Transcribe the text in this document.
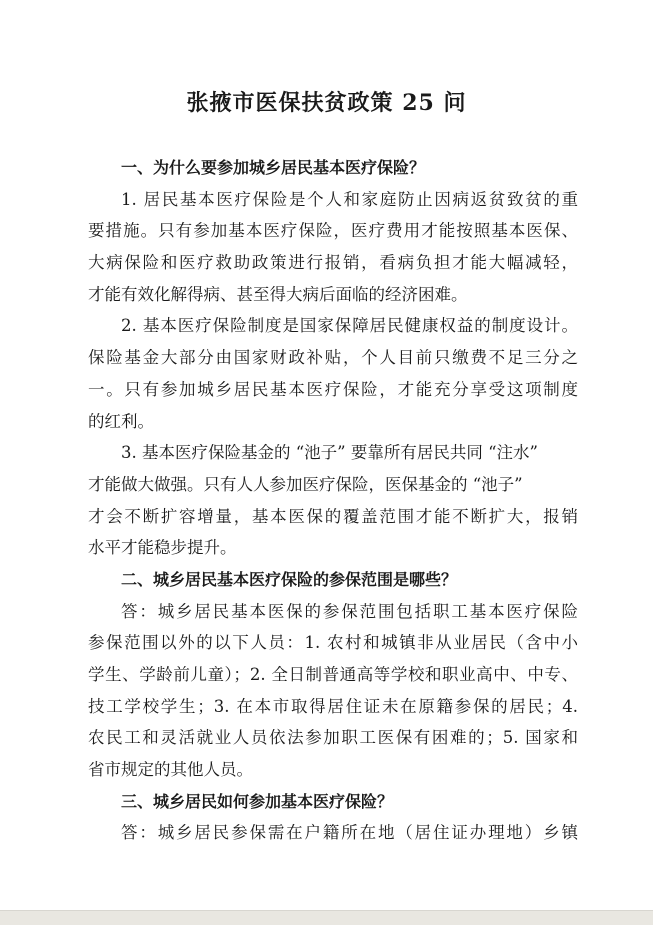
张掖市医保扶贫政策 25 问
一、为什么要参加城乡居民基本医疗保险？
1. 居民基本医疗保险是个人和家庭防止因病返贫致贫的重
要措施。只有参加基本医疗保险，医疗费用才能按照基本医保、
大病保险和医疗救助政策进行报销，看病负担才能大幅减轻，
才能有效化解得病、甚至得大病后面临的经济困难。
2. 基本医疗保险制度是国家保障居民健康权益的制度设计。
保险基金大部分由国家财政补贴，个人目前只缴费不足三分之
一。只有参加城乡居民基本医疗保险，才能充分享受这项制度
的红利。
3. 基本医疗保险基金的 “池子” 要靠所有居民共同 “注水”
才能做大做强。只有人人参加医疗保险，医保基金的 “池子”
才会不断扩容增量，基本医保的覆盖范围才能不断扩大，报销
水平才能稳步提升。
二、城乡居民基本医疗保险的参保范围是哪些？
答：城乡居民基本医保的参保范围包括职工基本医疗保险
参保范围以外的以下人员：1. 农村和城镇非从业居民（含中小
学生、学龄前儿童）；2. 全日制普通高等学校和职业高中、中专、
技工学校学生；3. 在本市取得居住证未在原籍参保的居民；4.
农民工和灵活就业人员依法参加职工医保有困难的；5. 国家和
省市规定的其他人员。
三、城乡居民如何参加基本医疗保险？
答：城乡居民参保需在户籍所在地（居住证办理地）乡镇
